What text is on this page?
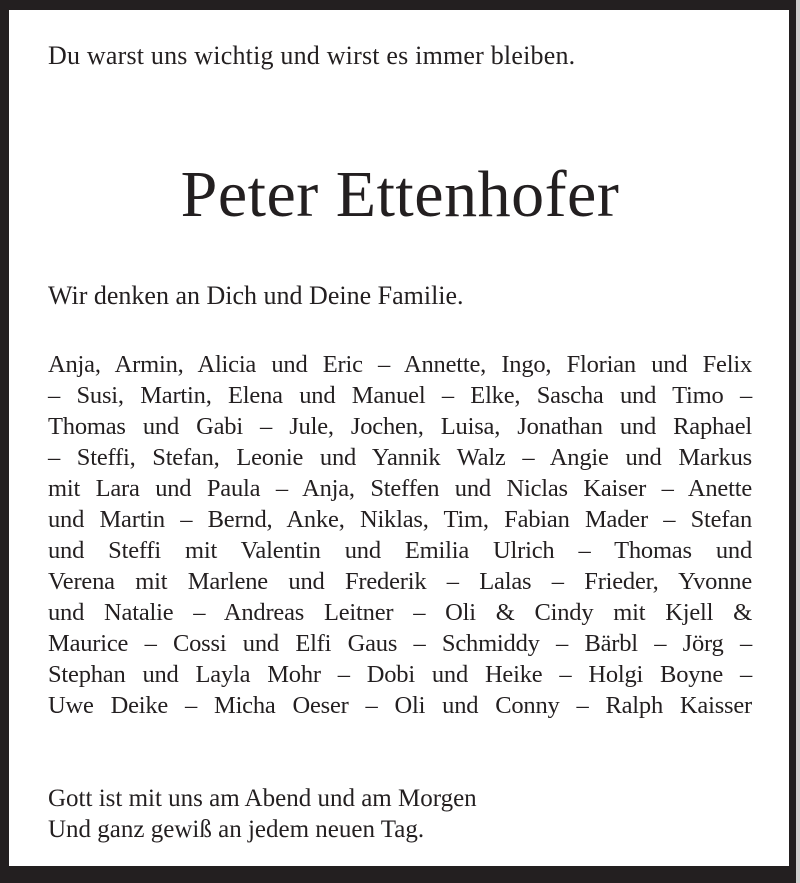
Du warst uns wichtig und wirst es immer bleiben.
Peter Ettenhofer
Wir denken an Dich und Deine Familie.
Anja, Armin, Alicia und Eric – Annette, Ingo, Florian und Felix
– Susi, Martin, Elena und Manuel – Elke, Sascha und Timo –
Thomas und Gabi – Jule, Jochen, Luisa, Jonathan und Raphael
– Steffi, Stefan, Leonie und Yannik Walz – Angie und Markus
mit Lara und Paula – Anja, Steffen und Niclas Kaiser – Anette
und Martin – Bernd, Anke, Niklas, Tim, Fabian Mader – Stefan
und Steffi mit Valentin und Emilia Ulrich – Thomas und
Verena mit Marlene und Frederik – Lalas – Frieder, Yvonne
und Natalie – Andreas Leitner – Oli & Cindy mit Kjell &
Maurice – Cossi und Elfi Gaus – Schmiddy – Bärbl – Jörg –
Stephan und Layla Mohr – Dobi und Heike – Holgi Boyne –
Uwe Deike – Micha Oeser – Oli und Conny – Ralph Kaisser
Gott ist mit uns am Abend und am Morgen
Und ganz gewiß an jedem neuen Tag.
